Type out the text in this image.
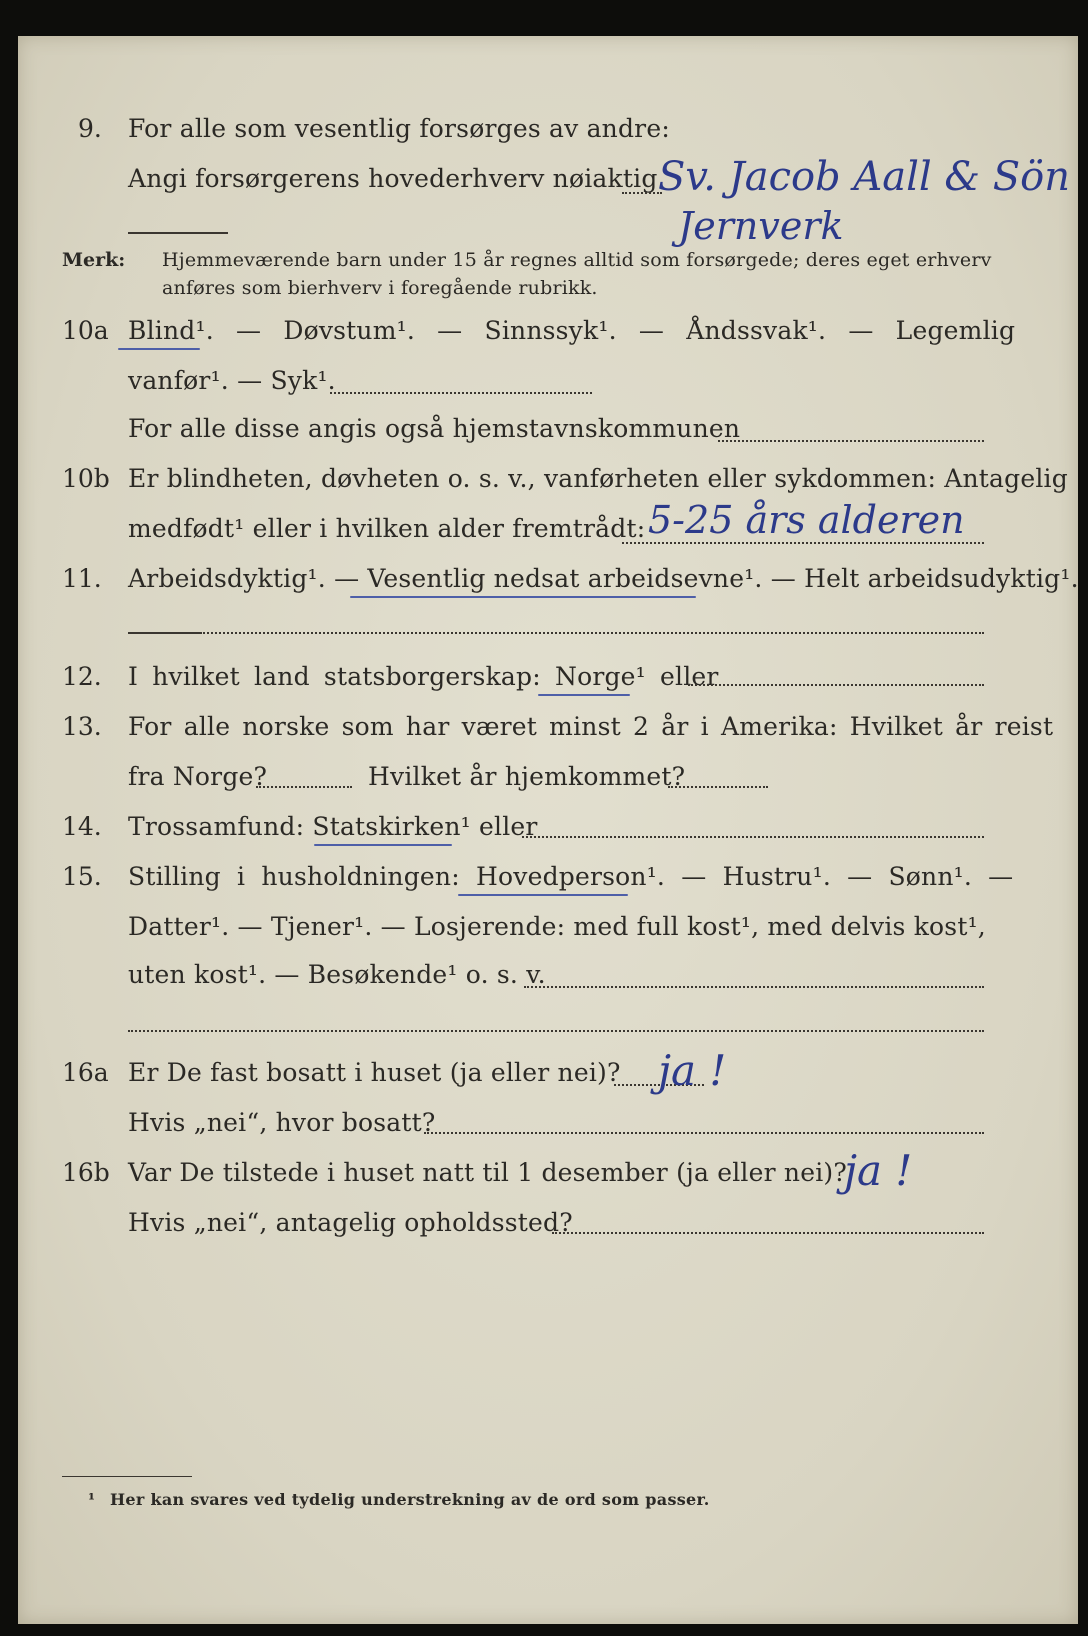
9. For alle som vesentlig forsørges av andre:
Angi forsørgerens hovederhverv nøiaktig Sv. Jacob Aall & Sön
Jernverk
Merk: Hjemmeværende barn under 15 år regnes alltid som forsørgede; deres eget erhverv
anføres som bierhverv i foregående rubrikk.
10a Blind¹. — Døvstum¹. — Sinnssyk¹. — Åndssvak¹. — Legemlig
vanfør¹. — Syk¹.
For alle disse angis også hjemstavnskommunen
10b Er blindheten, døvheten o. s. v., vanførheten eller sykdommen: Antagelig
medfødt¹ eller i hvilken alder fremtrådt: 5-25 års alderen
11. Arbeidsdyktig¹. — Vesentlig nedsat arbeidsevne¹. — Helt arbeidsudyktig¹.
12. I hvilket land statsborgerskap: Norge¹ eller
13. For alle norske som har været minst 2 år i Amerika: Hvilket år reist
fra Norge?	Hvilket år hjemkommet?
14. Trossamfund: Statskirken¹ eller
15. Stilling i husholdningen: Hovedperson¹. — Hustru¹. — Sønn¹. —
Datter¹. — Tjener¹. — Losjerende: med full kost¹, med delvis kost¹,
uten kost¹. — Besøkende¹ o. s. v.
16a Er De fast bosatt i huset (ja eller nei)? ja !
Hvis „nei“, hvor bosatt?
16b Var De tilstede i huset natt til 1 desember (ja eller nei)?
ja !
Hvis „nei“, antagelig opholdssted?
¹ Her kan svares ved tydelig understrekning av de ord som passer.
